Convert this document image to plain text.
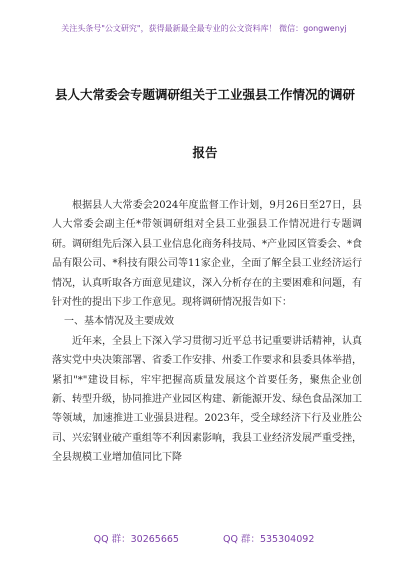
关注头条号"公文研究"，获得最新最全最专业的公文资料库！ 微信：gongwenyj
县人大常委会专题调研组关于工业强县工作情况的调研报告

根据县人大常委会2024年度监督工作计划，9月26日至27日，县人大常委会副主任*带领调研组对全县工业强县工作情况进行专题调研。调研组先后深入县工业信息化商务科技局、*产业园区管委会、*食品有限公司、*科技有限公司等11家企业，全面了解全县工业经济运行情况，认真听取各方面意见建议，深入分析存在的主要困难和问题，有针对性的提出下步工作意见。现将调研情况报告如下：

一、基本情况及主要成效

近年来，全县上下深入学习贯彻习近平总书记重要讲话精神，认真落实党中央决策部署、省委工作安排、州委工作要求和县委具体举措，紧扣"*"建设目标，牢牢把握高质量发展这个首要任务，聚焦企业创新、转型升级，协同推进产业园区构建、新能源开发、绿色食品深加工等领域，加速推进工业强县进程。2023年，受全球经济下行及业胜公司、兴宏钢业破产重组等不利因素影响，我县工业经济发展严重受挫，全县规模工业增加值同比下降

QQ 群：30265665	QQ 群：535304092
